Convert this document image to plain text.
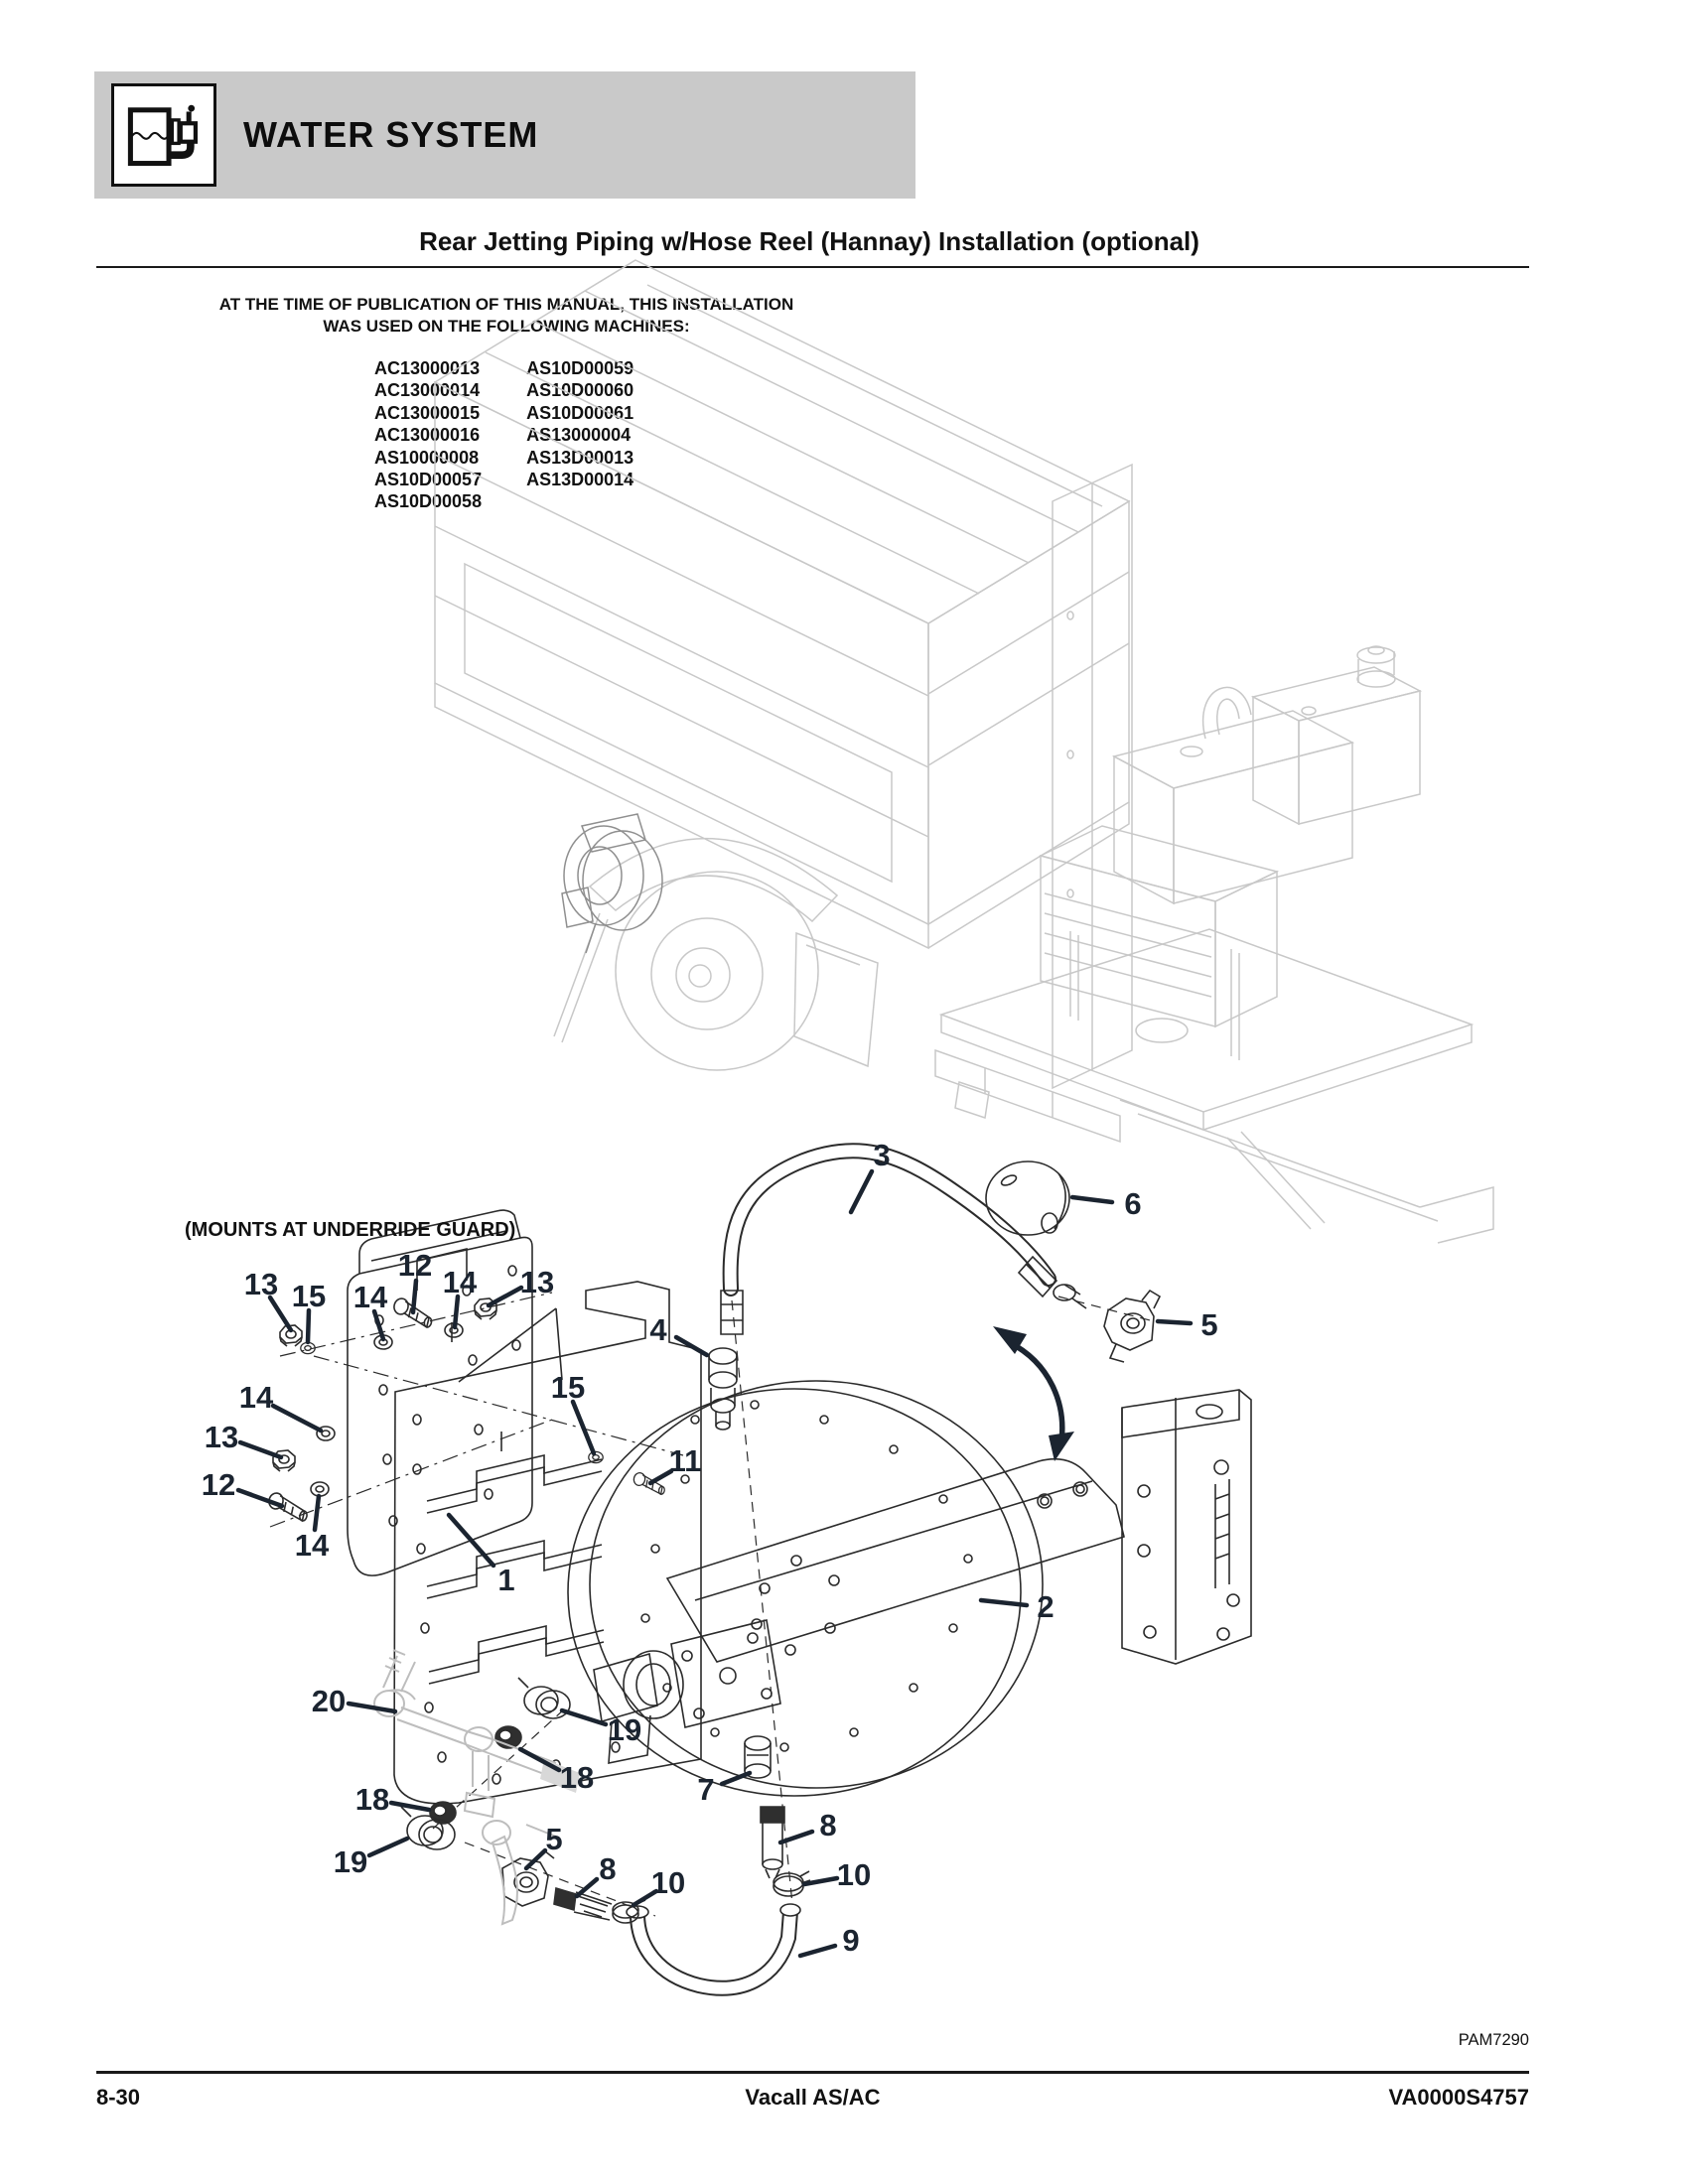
WATER SYSTEM
Rear Jetting Piping w/Hose Reel (Hannay) Installation (optional)
AT THE TIME OF PUBLICATION OF THIS MANUAL, THIS INSTALLATION
WAS USED ON THE FOLLOWING MACHINES:
AC13000013
AC13000014
AC13000015
AC13000016
AS10000008
AS10D00057
AS10D00058
AS10D00059
AS10D00060
AS10D00061
AS13000004
AS13D00013
AS13D00014
13 15 14
12 14 13
15
11
14
13
12
14
1
3
6
5
4
2
20
19
18
18
19
5
8 10
7
8
10
9
(MOUNTS AT UNDERRIDE GUARD)
PAM7290
8-30	Vacall AS/AC	VA0000S4757
